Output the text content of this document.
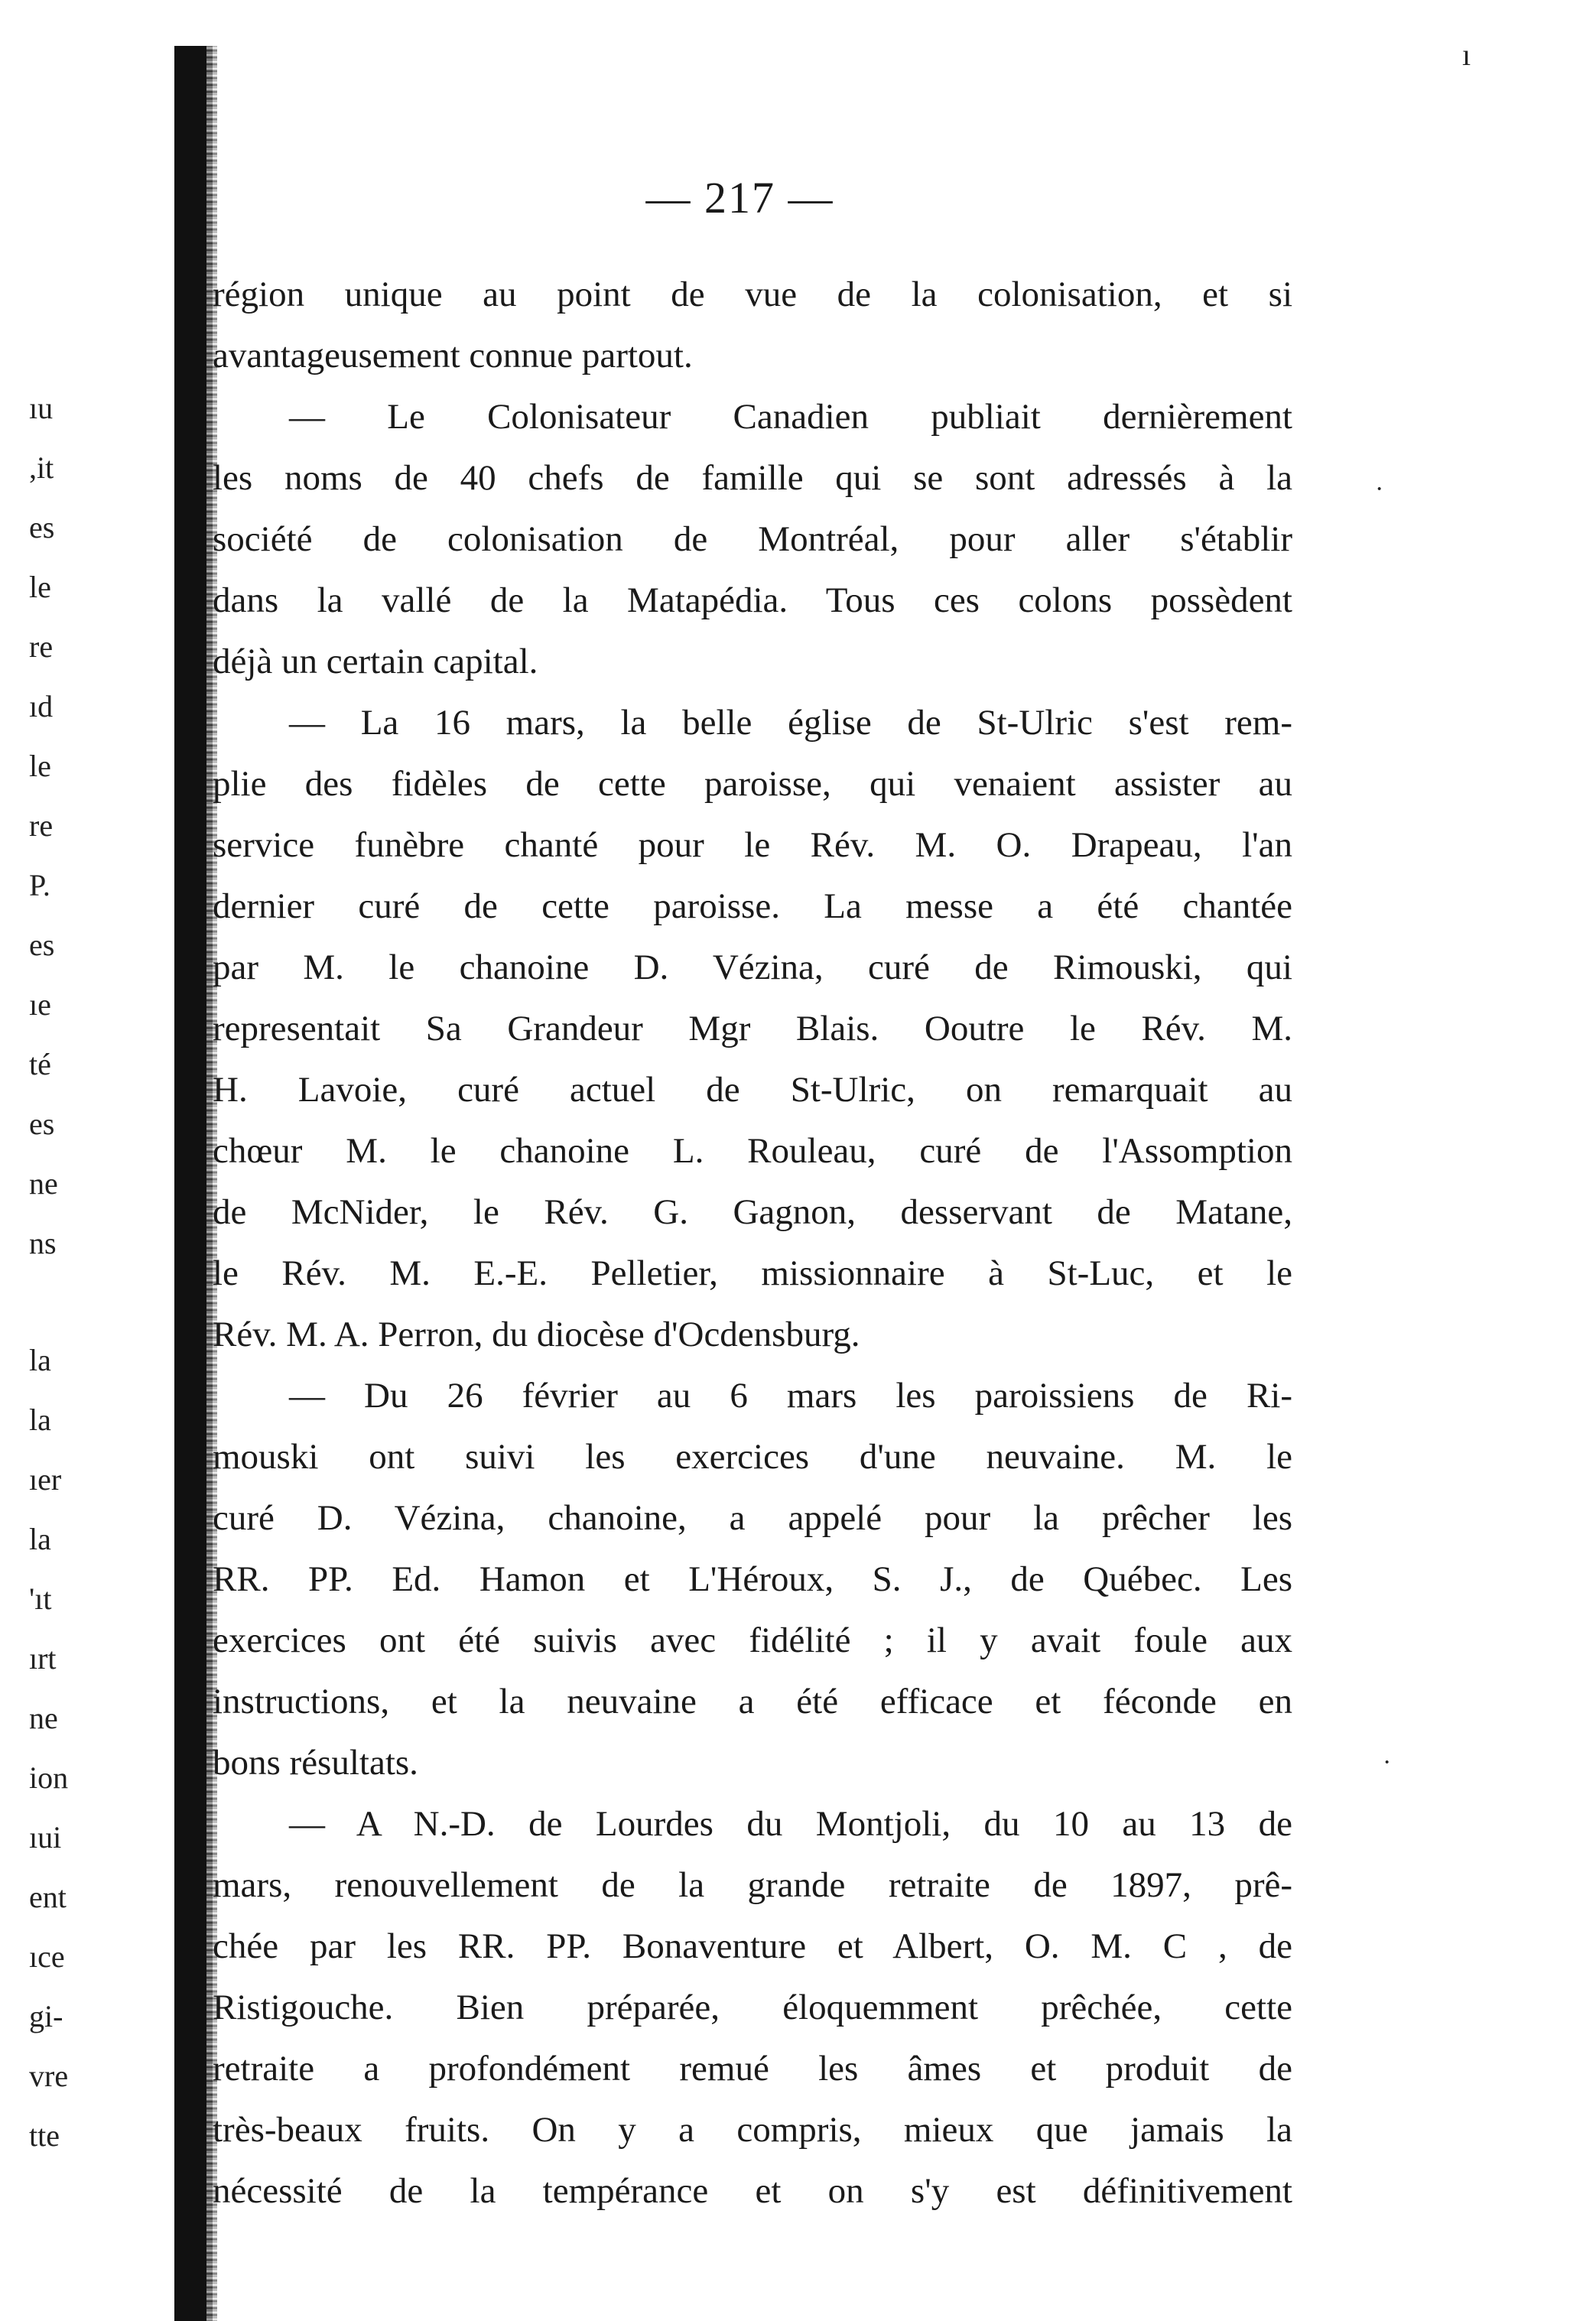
ı
·
·
ıu
,it
es
le
re
ıd
le
re
P.
es
ıe
té
es
ne
ns
la
la
ıer
la
'ıt
ırt
ne
ion
ıui
ent
ıce
gi-
vre
tte
— 217 —
région unique au point de vue de la colonisation, et si
avantageusement connue partout.
— Le Colonisateur Canadien publiait dernièrement
les noms de 40 chefs de famille qui se sont adressés à la
société de colonisation de Montréal, pour aller s'établir
dans la vallé de la Matapédia. Tous ces colons possèdent
déjà un certain capital.
— La 16 mars, la belle église de St-Ulric s'est rem-
plie des fidèles de cette paroisse, qui venaient assister au
service funèbre chanté pour le Rév. M. O. Drapeau, l'an
dernier curé de cette paroisse. La messe a été chantée
par M. le chanoine D. Vézina, curé de Rimouski, qui
representait Sa Grandeur Mgr Blais. Ooutre le Rév. M.
H. Lavoie, curé actuel de St-Ulric, on remarquait au
chœur M. le chanoine L. Rouleau, curé de l'Assomption
de McNider, le Rév. G. Gagnon, desservant de Matane,
le Rév. M. E.-E. Pelletier, missionnaire à St-Luc, et le
Rév. M. A. Perron, du diocèse d'Ocdensburg.
— Du 26 février au 6 mars les paroissiens de Ri-
mouski ont suivi les exercices d'une neuvaine. M. le
curé D. Vézina, chanoine, a appelé pour la prêcher les
RR. PP. Ed. Hamon et L'Héroux, S. J., de Québec. Les
exercices ont été suivis avec fidélité ; il y avait foule aux
instructions, et la neuvaine a été efficace et féconde en
bons résultats.
— A N.-D. de Lourdes du Montjoli, du 10 au 13 de
mars, renouvellement de la grande retraite de 1897, prê-
chée par les RR. PP. Bonaventure et Albert, O. M. C , de
Ristigouche. Bien préparée, éloquemment prêchée, cette
retraite a profondément remué les âmes et produit de
très-beaux fruits. On y a compris, mieux que jamais la
nécessité de la tempérance et on s'y est définitivement
